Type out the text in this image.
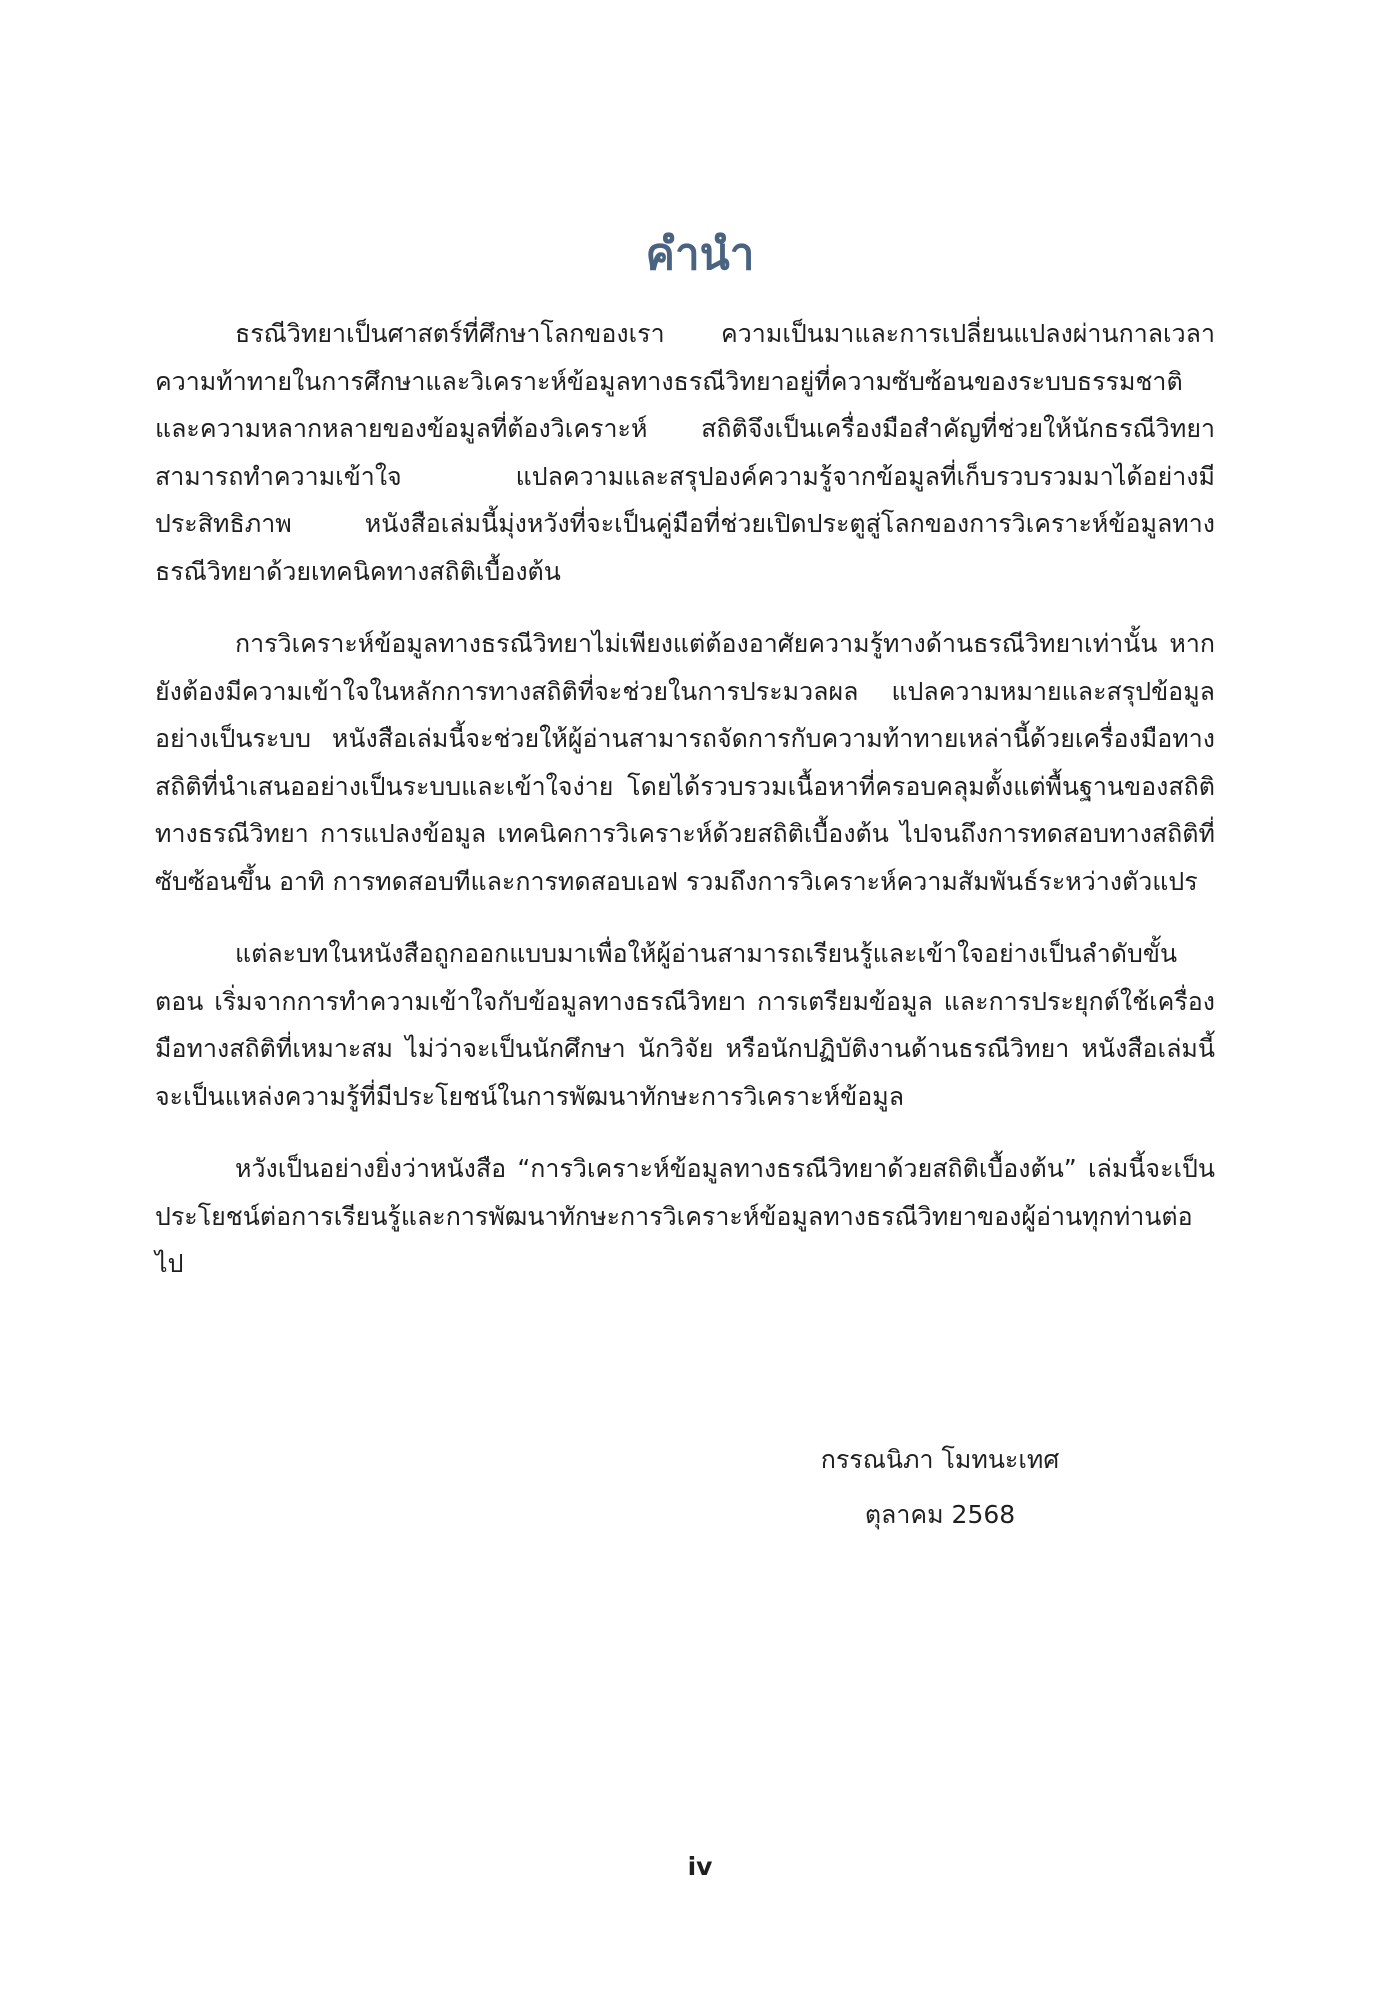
คำนำ

ธรณีวิทยาเป็นศาสตร์ที่ศึกษาโลกของเรา ความเป็นมาและการเปลี่ยนแปลงผ่านกาลเวลา ความท้าทายในการศึกษาและวิเคราะห์ข้อมูลทางธรณีวิทยาอยู่ที่ความซับซ้อนของระบบธรรมชาติและความหลากหลายของข้อมูลที่ต้องวิเคราะห์ สถิติจึงเป็นเครื่องมือสำคัญที่ช่วยให้นักธรณีวิทยาสามารถทำความเข้าใจ แปลความและสรุปองค์ความรู้จากข้อมูลที่เก็บรวบรวมมาได้อย่างมีประสิทธิภาพ หนังสือเล่มนี้มุ่งหวังที่จะเป็นคู่มือที่ช่วยเปิดประตูสู่โลกของการวิเคราะห์ข้อมูลทางธรณีวิทยาด้วยเทคนิคทางสถิติเบื้องต้น

การวิเคราะห์ข้อมูลทางธรณีวิทยาไม่เพียงแต่ต้องอาศัยความรู้ทางด้านธรณีวิทยาเท่านั้น หากยังต้องมีความเข้าใจในหลักการทางสถิติที่จะช่วยในการประมวลผล แปลความหมายและสรุปข้อมูลอย่างเป็นระบบ หนังสือเล่มนี้จะช่วยให้ผู้อ่านสามารถจัดการกับความท้าทายเหล่านี้ด้วยเครื่องมือทางสถิติที่นำเสนออย่างเป็นระบบและเข้าใจง่าย โดยได้รวบรวมเนื้อหาที่ครอบคลุมตั้งแต่พื้นฐานของสถิติทางธรณีวิทยา การแปลงข้อมูล เทคนิคการวิเคราะห์ด้วยสถิติเบื้องต้น ไปจนถึงการทดสอบทางสถิติที่ซับซ้อนขึ้น อาทิ การทดสอบทีและการทดสอบเอฟ รวมถึงการวิเคราะห์ความสัมพันธ์ระหว่างตัวแปร

แต่ละบทในหนังสือถูกออกแบบมาเพื่อให้ผู้อ่านสามารถเรียนรู้และเข้าใจอย่างเป็นลำดับขั้นตอน เริ่มจากการทำความเข้าใจกับข้อมูลทางธรณีวิทยา การเตรียมข้อมูล และการประยุกต์ใช้เครื่องมือทางสถิติที่เหมาะสม ไม่ว่าจะเป็นนักศึกษา นักวิจัย หรือนักปฏิบัติงานด้านธรณีวิทยา หนังสือเล่มนี้จะเป็นแหล่งความรู้ที่มีประโยชน์ในการพัฒนาทักษะการวิเคราะห์ข้อมูล

หวังเป็นอย่างยิ่งว่าหนังสือ “การวิเคราะห์ข้อมูลทางธรณีวิทยาด้วยสถิติเบื้องต้น” เล่มนี้จะเป็นประโยชน์ต่อการเรียนรู้และการพัฒนาทักษะการวิเคราะห์ข้อมูลทางธรณีวิทยาของผู้อ่านทุกท่านต่อไป

กรรณนิภา โมทนะเทศ
ตุลาคม 2568
iv
